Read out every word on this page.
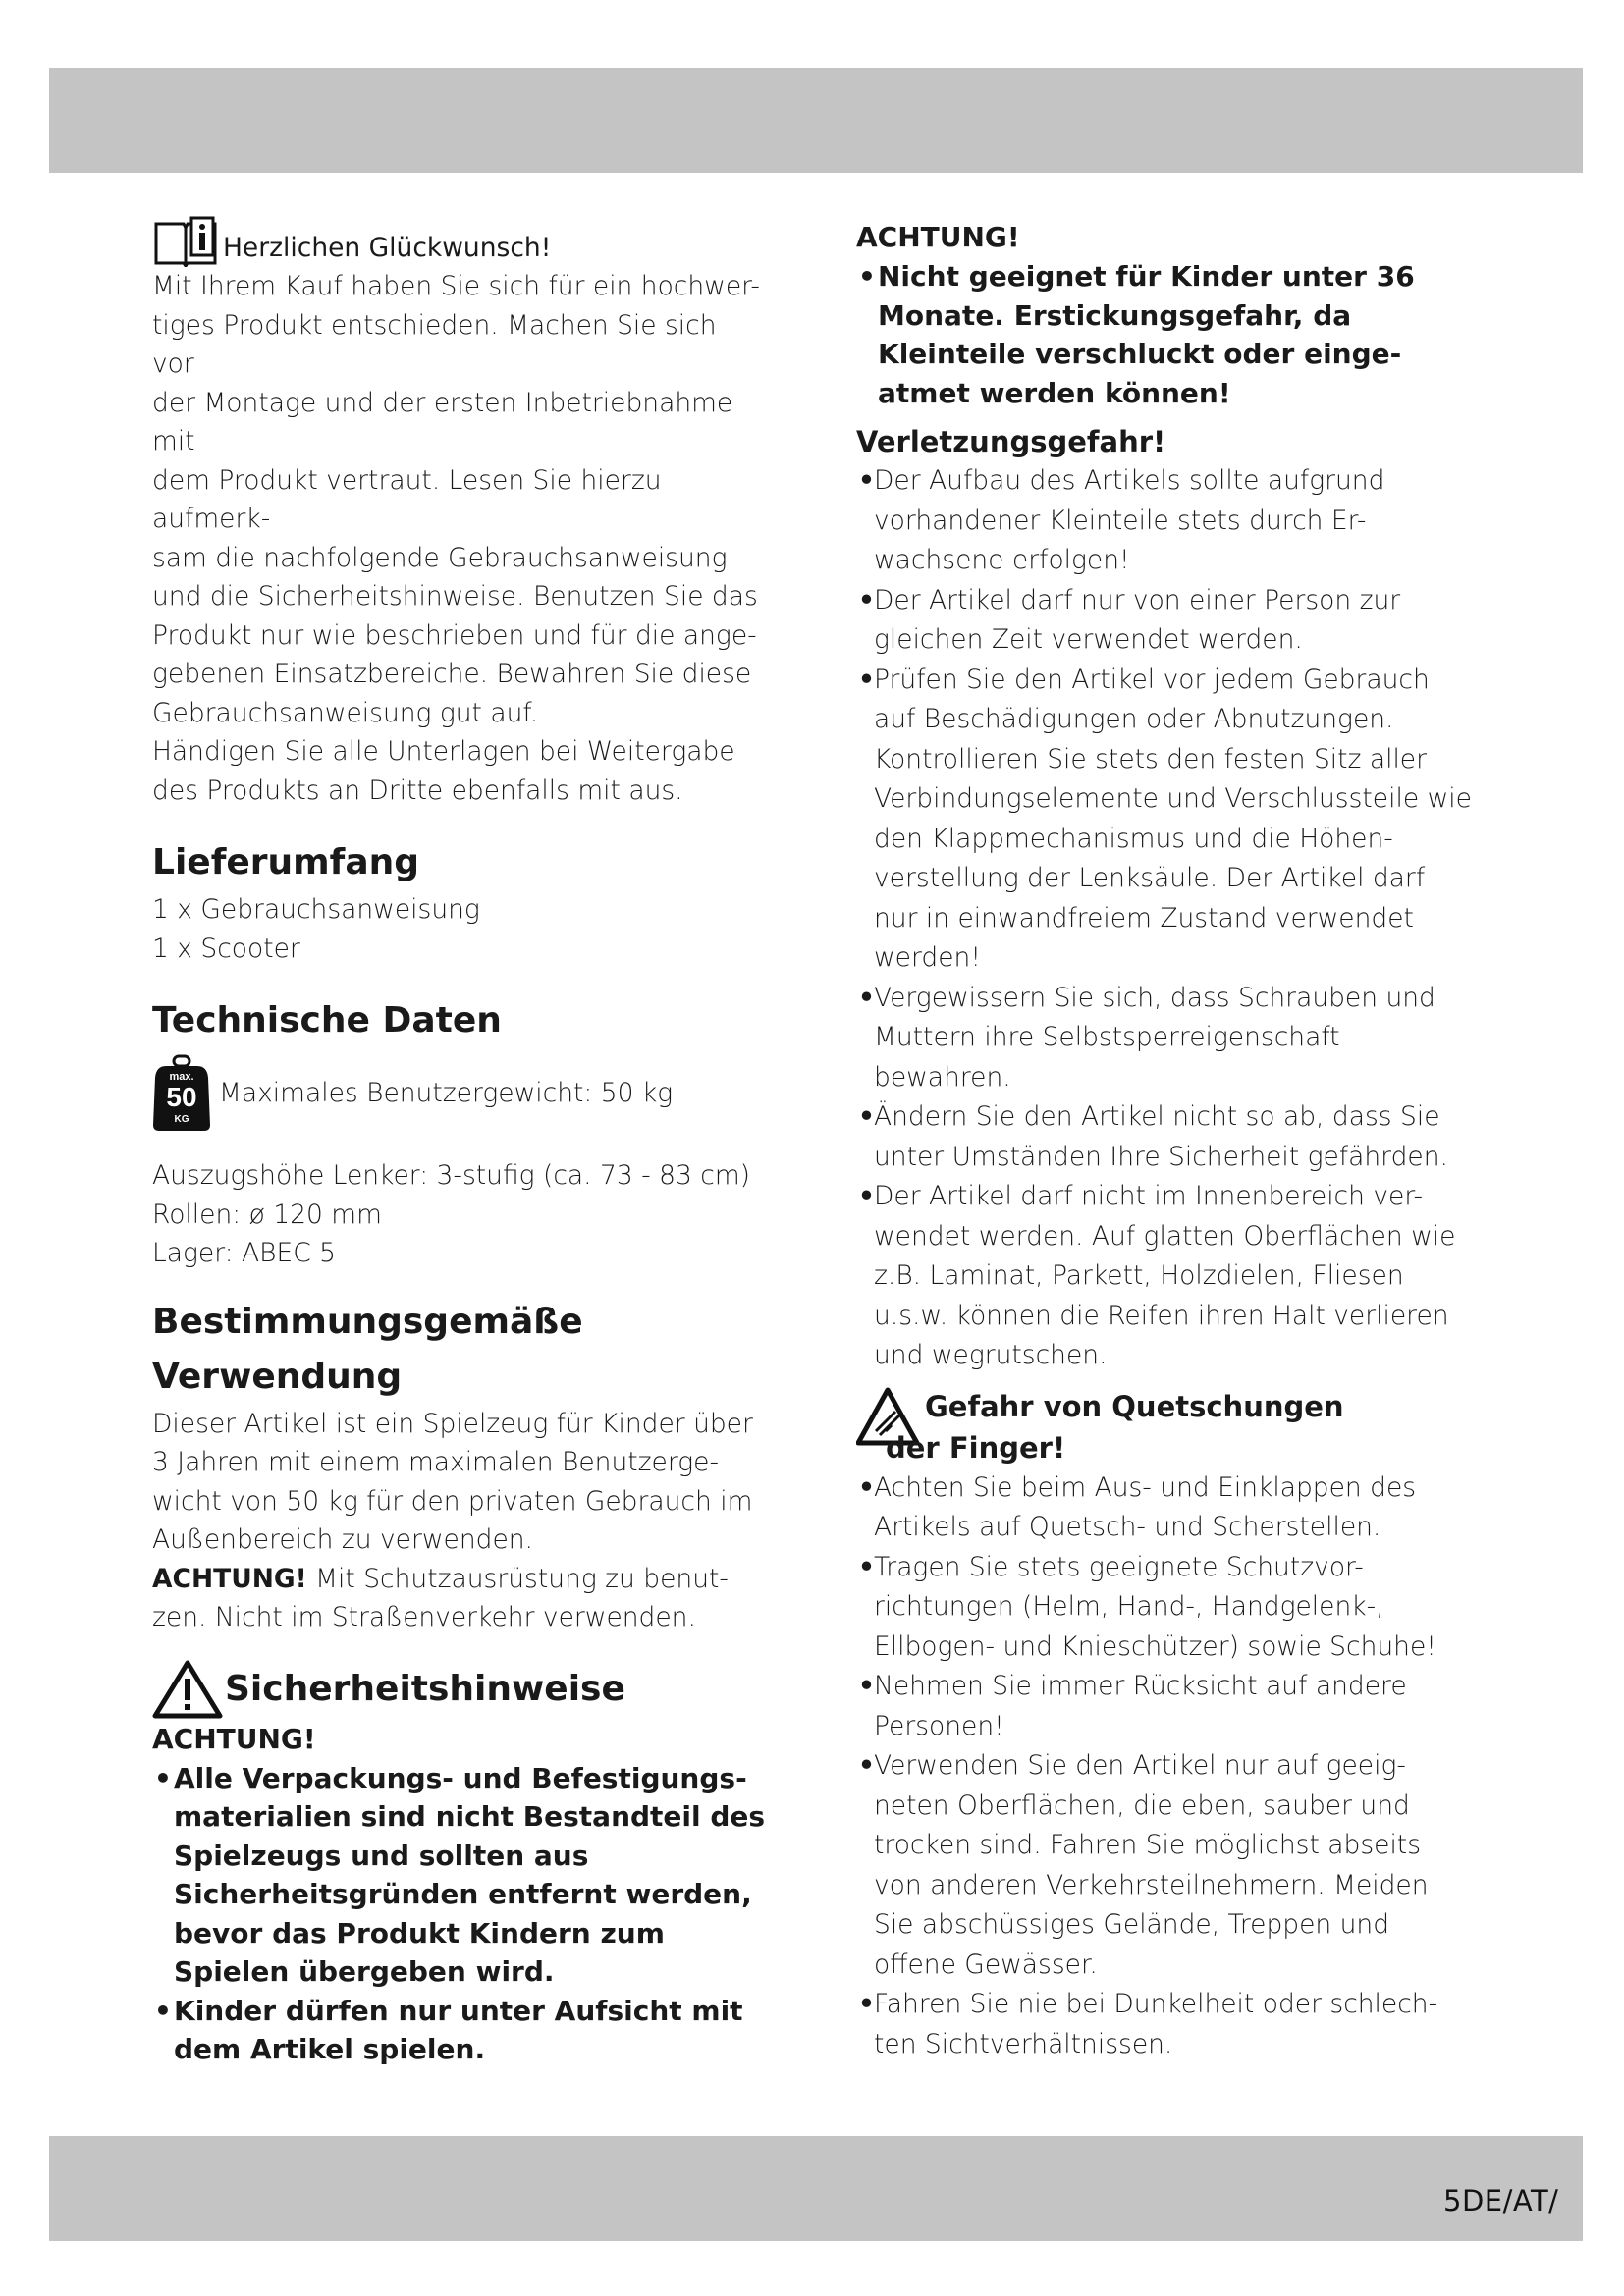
Herzlichen Glückwunsch!

Mit Ihrem Kauf haben Sie sich für ein hochwer-

tiges Produkt entschieden. Machen Sie sich vor

der Montage und der ersten Inbetriebnahme mit

dem Produkt vertraut. Lesen Sie hierzu aufmerk-

sam die nachfolgende Gebrauchsanweisung

und die Sicherheitshinweise. Benutzen Sie das

Produkt nur wie beschrieben und für die ange-

gebenen Einsatzbereiche. Bewahren Sie diese

Gebrauchsanweisung gut auf.

Händigen Sie alle Unterlagen bei Weitergabe

des Produkts an Dritte ebenfalls mit aus.

Lieferumfang

1 x Gebrauchsanweisung

1 x Scooter

Technische Daten
max.
50
KG
Maximales Benutzergewicht: 50 kg

Auszugshöhe Lenker: 3-stufig (ca. 73 - 83 cm)

Rollen: ø 120 mm

Lager: ABEC 5

Bestimmungsgemäße
Verwendung

Dieser Artikel ist ein Spielzeug für Kinder über

3 Jahren mit einem maximalen Benutzerge-

wicht von 50 kg für den privaten Gebrauch im

Außenbereich zu verwenden.

ACHTUNG! Mit Schutzausrüstung zu benut-

zen. Nicht im Straßenverkehr verwenden.

Sicherheitshinweise

ACHTUNG!

• Alle Verpackungs- und Befestigungs- materialien sind nicht Bestandteil des Spielzeugs und sollten aus Sicherheitsgründen entfernt werden, bevor das Produkt Kindern zum Spielen übergeben wird.
• Kinder dürfen nur unter Aufsicht mit dem Artikel spielen.

ACHTUNG!

• Nicht geeignet für Kinder unter 36 Monate. Erstickungsgefahr, da Kleinteile verschluckt oder einge- atmet werden können!

Verletzungsgefahr!

• Der Aufbau des Artikels sollte aufgrund vorhandener Kleinteile stets durch Er- wachsene erfolgen!
• Der Artikel darf nur von einer Person zur gleichen Zeit verwendet werden.
• Prüfen Sie den Artikel vor jedem Gebrauch auf Beschädigungen oder Abnutzungen. Kontrollieren Sie stets den festen Sitz aller Verbindungselemente und Verschlussteile wie den Klappmechanismus und die Höhen- verstellung der Lenksäule. Der Artikel darf nur in einwandfreiem Zustand verwendet werden!
• Vergewissern Sie sich, dass Schrauben und Muttern ihre Selbstsperreigenschaft bewahren.
• Ändern Sie den Artikel nicht so ab, dass Sie unter Umständen Ihre Sicherheit gefährden.
• Der Artikel darf nicht im Innenbereich ver- wendet werden. Auf glatten Oberflächen wie z.B. Laminat, Parkett, Holzdielen, Fliesen u.s.w. können die Reifen ihren Halt verlieren und wegrutschen.
Gefahr von Quetschungen
der Finger!
• Achten Sie beim Aus- und Einklappen des Artikels auf Quetsch- und Scherstellen.
• Tragen Sie stets geeignete Schutzvor- richtungen (Helm, Hand-, Handgelenk-, Ellbogen- und Knieschützer) sowie Schuhe!
• Nehmen Sie immer Rücksicht auf andere Personen!
• Verwenden Sie den Artikel nur auf geeig- neten Oberflächen, die eben, sauber und trocken sind. Fahren Sie möglichst abseits von anderen Verkehrsteilnehmern. Meiden Sie abschüssiges Gelände, Treppen und offene Gewässer.
• Fahren Sie nie bei Dunkelheit oder schlech- ten Sichtverhältnissen.
5DE/AT/
